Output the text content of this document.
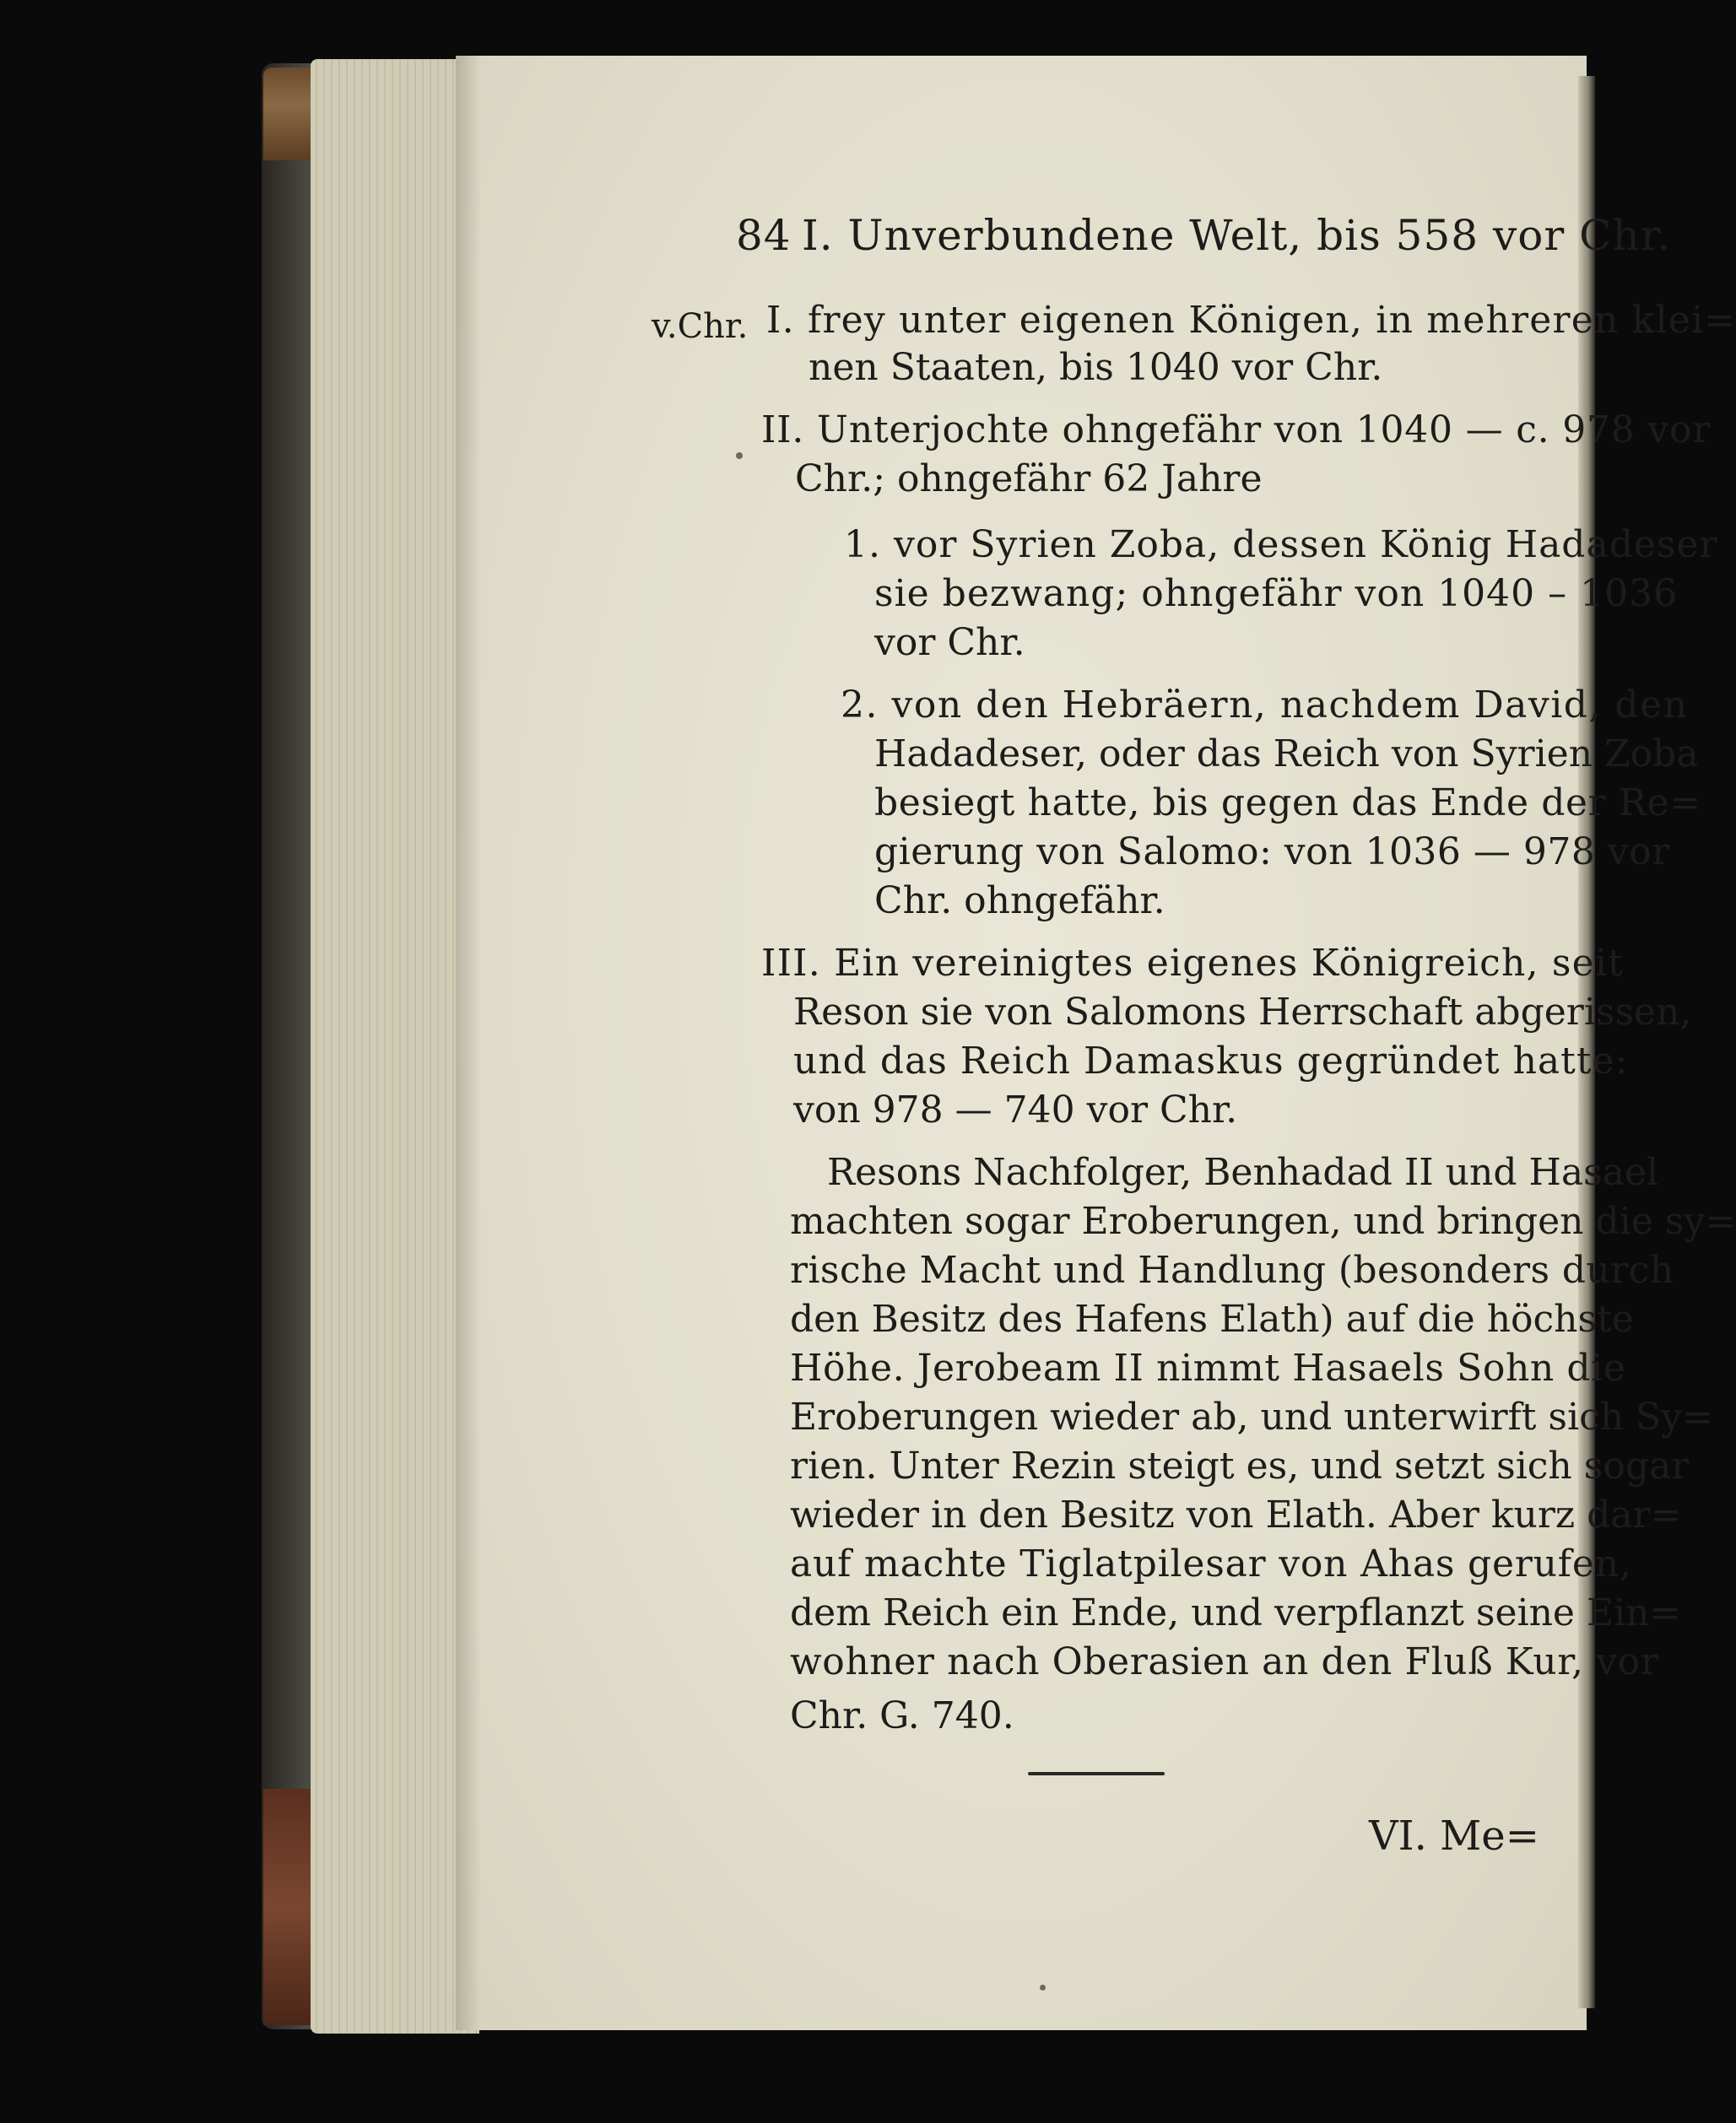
84 I. Unverbundene Welt, bis 558 vor Chr.
v.Chr. I. frey unter eigenen Königen, in mehreren klei=
nen Staaten, bis 1040 vor Chr.
II. Unterjochte ohngefähr von 1040 — c. 978 vor
Chr.; ohngefähr 62 Jahre
1. vor Syrien Zoba, dessen König Hadadeser
sie bezwang; ohngefähr von 1040 – 1036
vor Chr.
2. von den Hebräern, nachdem David, den
Hadadeser, oder das Reich von Syrien Zoba
besiegt hatte, bis gegen das Ende der Re=
gierung von Salomo: von 1036 — 978 vor
Chr. ohngefähr.
III. Ein vereinigtes eigenes Königreich, seit
Reson sie von Salomons Herrschaft abgerissen,
und das Reich Damaskus gegründet hatte:
von 978 — 740 vor Chr.
Resons Nachfolger, Benhadad II und Hasael
machten sogar Eroberungen, und bringen die sy=
rische Macht und Handlung (besonders durch
den Besitz des Hafens Elath) auf die höchste
Höhe. Jerobeam II nimmt Hasaels Sohn die
Eroberungen wieder ab, und unterwirft sich Sy=
rien. Unter Rezin steigt es, und setzt sich sogar
wieder in den Besitz von Elath. Aber kurz dar=
auf machte Tiglatpilesar von Ahas gerufen,
dem Reich ein Ende, und verpflanzt seine Ein=
wohner nach Oberasien an den Fluß Kur, vor
Chr. G. 740.
VI. Me=
